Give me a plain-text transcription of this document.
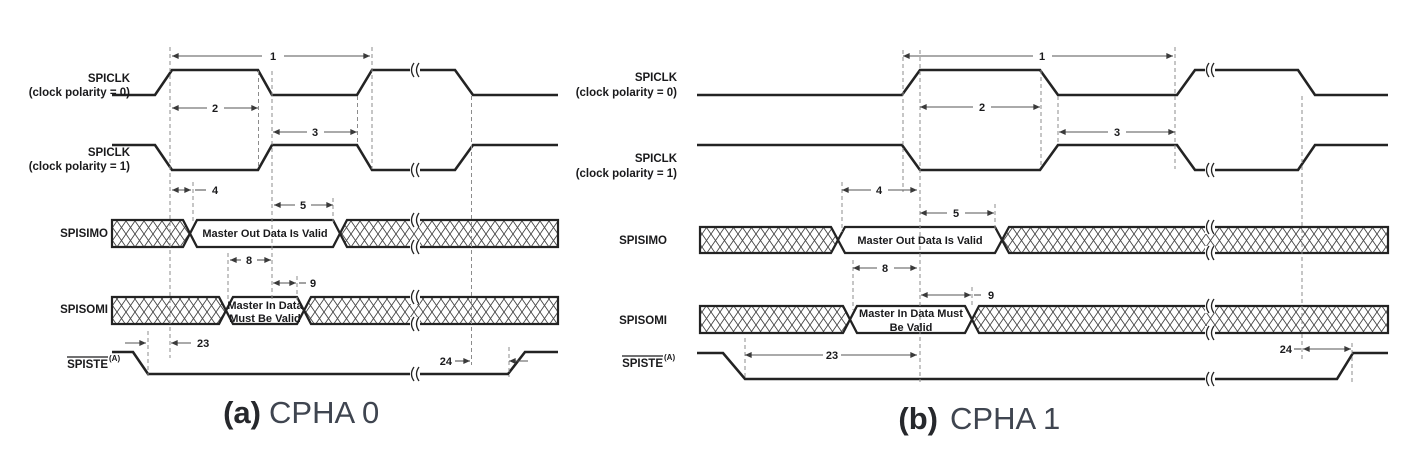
1
2
3
4
5
8
9
23
24
SPICLK
(clock polarity = 0)
SPICLK
(clock polarity = 1)
SPISIMO
SPISOMI
SPISTE
(A)
Master Out Data Is Valid
Master In Data
Must Be Valid
(a) CPHA 0
1
2
3
4
5
8
9
23	24
SPICLK
(clock polarity = 0)
SPICLK
(clock polarity = 1)
SPISIMO
SPISOMI
SPISTE
(A)
Master Out Data Is Valid
Master In Data Must
Be Valid
(b) CPHA 1
